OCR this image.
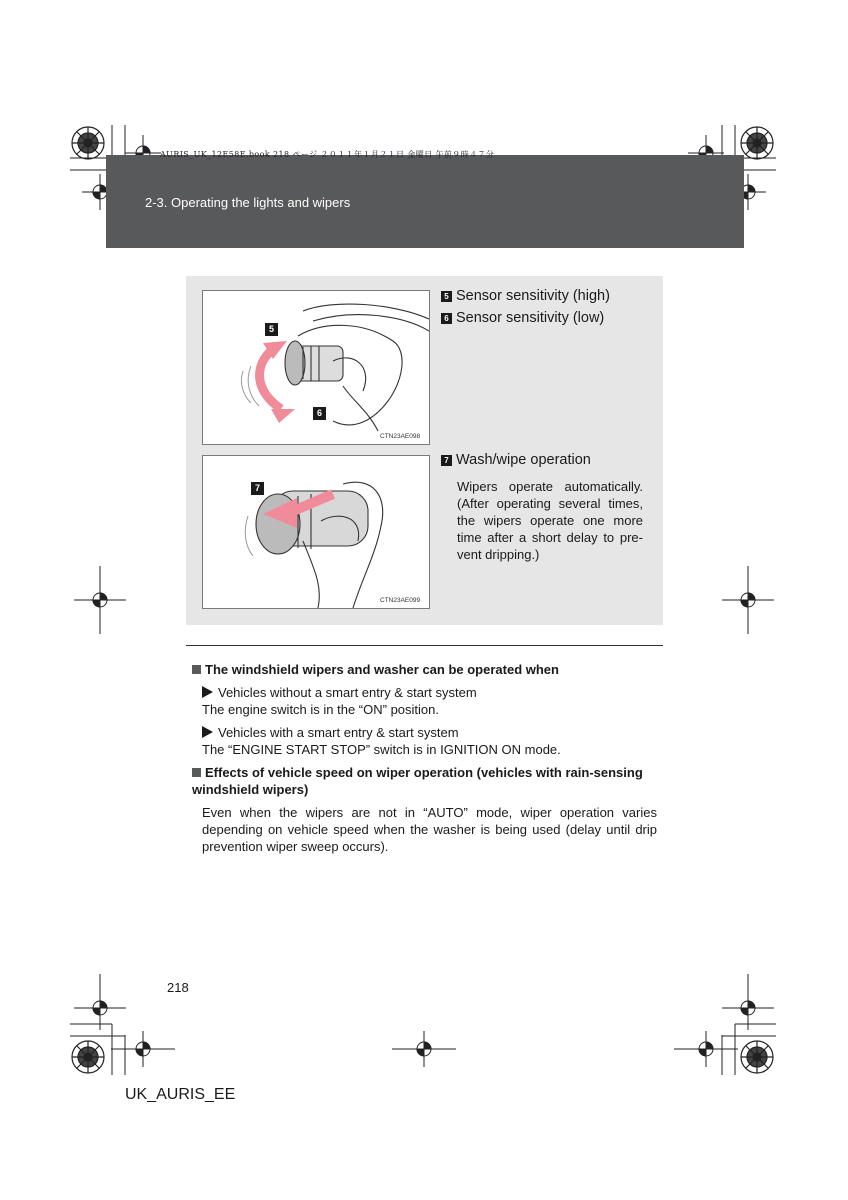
AURIS_UK_12E58E.book 218 ページ ２０１１年１月２１日 金曜日 午前９時４７分
2-3. Operating the lights and wipers
5
6
CTN23AE098
7
CTN23AE099
5 Sensor sensitivity (high)
6 Sensor sensitivity (low)
7 Wash/wipe operation
Wipers operate automatically. (After operating several times, the wipers operate one more time after a short delay to pre-vent dripping.)
The windshield wipers and washer can be operated when
Vehicles without a smart entry & start system
The engine switch is in the “ON” position.
Vehicles with a smart entry & start system
The “ENGINE START STOP” switch is in IGNITION ON mode.
Effects of vehicle speed on wiper operation (vehicles with rain-sensing windshield wipers)
Even when the wipers are not in “AUTO” mode, wiper operation varies depending on vehicle speed when the washer is being used (delay until drip prevention wiper sweep occurs).
218
UK_AURIS_EE
